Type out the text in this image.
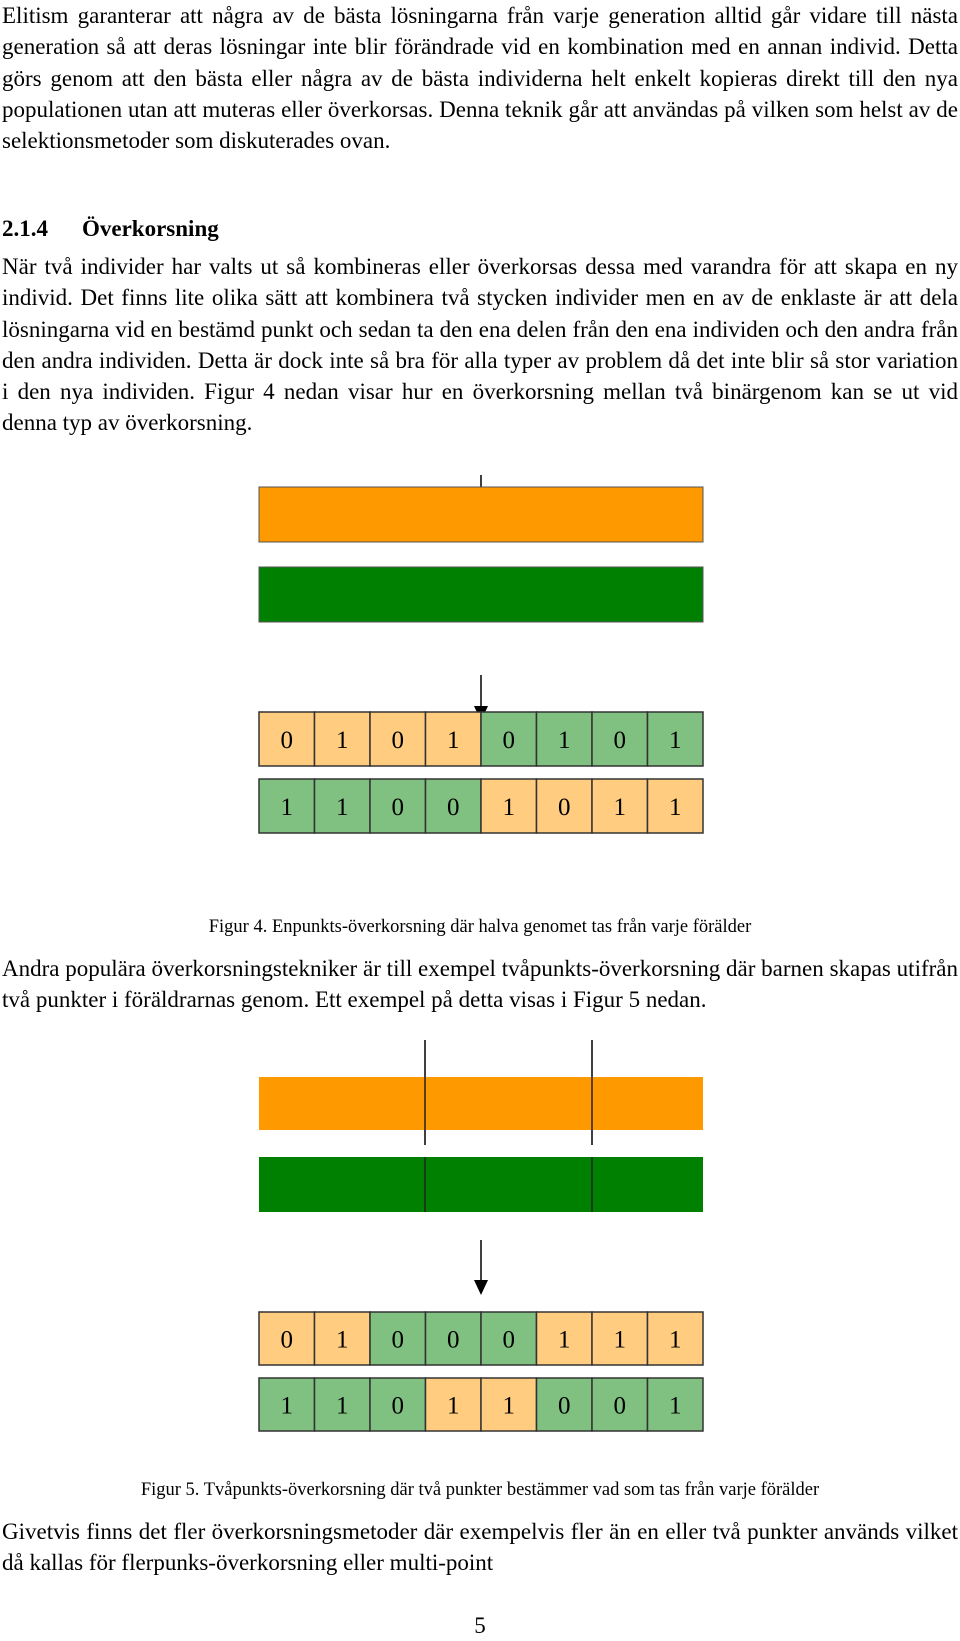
Elitism garanterar att några av de bästa lösningarna från varje generation alltid går vidare till nästa generation så att deras lösningar inte blir förändrade vid en kombination med en annan individ. Detta görs genom att den bästa eller några av de bästa individerna helt enkelt kopieras direkt till den nya populationen utan att muteras eller överkorsas. Denna teknik går att användas på vilken som helst av de selektionsmetoder som diskuterades ovan.

2.1.4 Överkorsning

När två individer har valts ut så kombineras eller överkorsas dessa med varandra för att skapa en ny individ. Det finns lite olika sätt att kombinera två stycken individer men en av de enklaste är att dela lösningarna vid en bestämd punkt och sedan ta den ena delen från den ena individen och den andra från den andra individen. Detta är dock inte så bra för alla typer av problem då det inte blir så stor variation i den nya individen. Figur 4 nedan visar hur en överkorsning mellan två binärgenom kan se ut vid denna typ av överkorsning.

0 1 0 1 0 1 0 1
1 1 0 0 1 0 1 1

Figur 4. Enpunkts-överkorsning där halva genomet tas från varje förälder

Andra populära överkorsningstekniker är till exempel tvåpunkts-överkorsning där barnen skapas utifrån två punkter i föräldrarnas genom. Ett exempel på detta visas i Figur 5 nedan.

0 1 0 0 0 1 1 1
1 1 0 1 1 0 0 1

Figur 5. Tvåpunkts-överkorsning där två punkter bestämmer vad som tas från varje förälder

Givetvis finns det fler överkorsningsmetoder där exempelvis fler än en eller två punkter används vilket då kallas för flerpunks-överkorsning eller multi-point

5
